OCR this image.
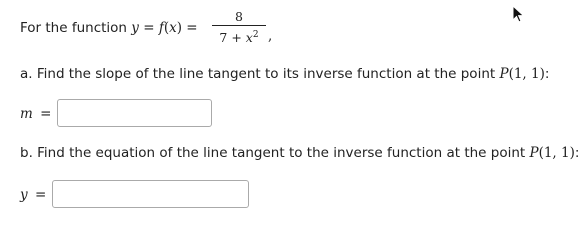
For the function y = f(x) =
8
$7 + x^2$ ,
a. Find the slope of the line tangent to its inverse function at the point P(1, 1):
m =
b. Find the equation of the line tangent to the inverse function at the point P(1, 1):
y =
